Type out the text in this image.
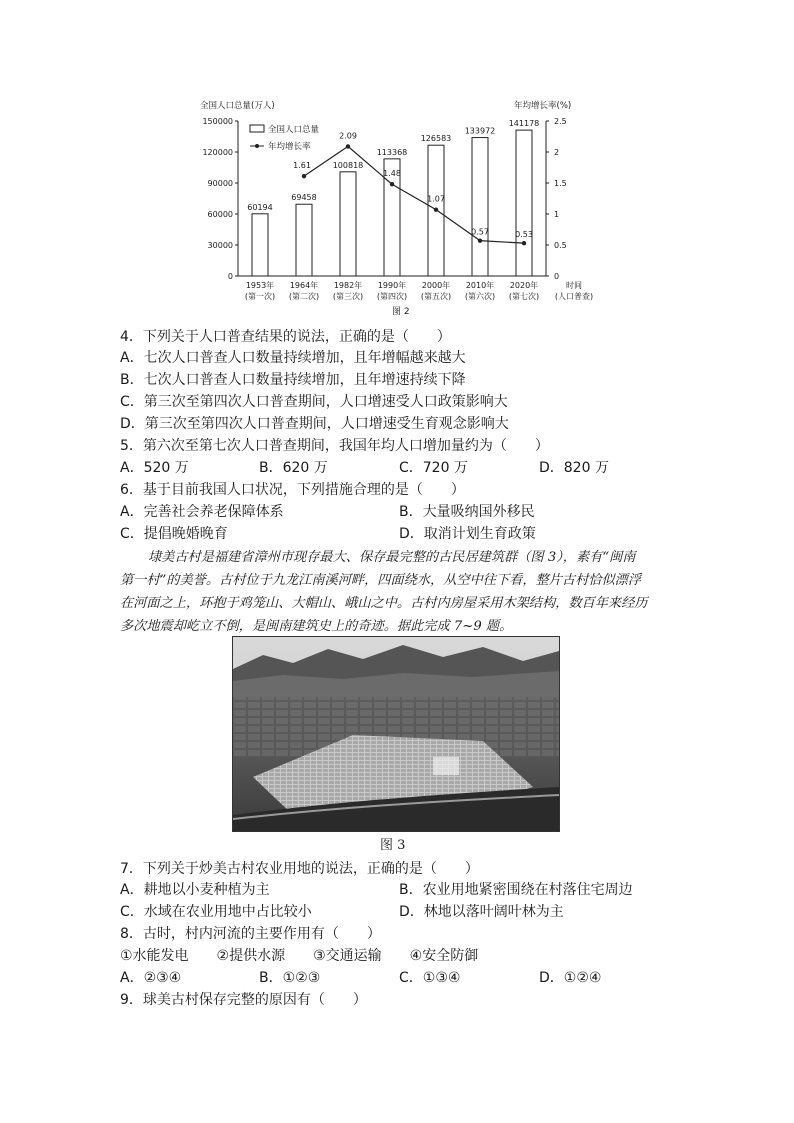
全国人口总量(万人)	年均增长率(%)
0
30000
60000
90000
120000
150000
0
0.5
1
1.5
2
2.5
60194
69458
100818
113368
126583
133972
141178
1.61
2.09
1.48
1.07
0.57	0.53
1953年
(第一次)
1964年
(第二次)
1982年
(第三次)
1990年
(第四次)
2000年
(第五次)
2010年
(第六次)
2020年
(第七次)
时间
(人口普查)
全国人口总量
年均增长率
图 2
4．下列关于人口普查结果的说法，正确的是（　　）
A．七次人口普查人口数量持续增加，且年增幅越来越大
B．七次人口普查人口数量持续增加，且年增速持续下降
C．第三次至第四次人口普查期间，人口增速受人口政策影响大
D．第三次至第四次人口普查期间，人口增速受生育观念影响大
5．第六次至第七次人口普查期间，我国年均人口增加量约为（　　）
A．520 万	B．620 万	C．720 万	D．820 万
6．基于目前我国人口状况，下列措施合理的是（　　）
A．完善社会养老保障体系	B．大量吸纳国外移民
C．提倡晚婚晚育	D．取消计划生育政策
埭美古村是福建省漳州市现存最大、保存最完整的古民居建筑群（图 3），素有“闽南
第一村”的美誉。古村位于九龙江南溪河畔，四面绕水，从空中往下看，整片古村恰似漂浮
在河面之上，环抱于鸡笼山、大帽山、峨山之中。古村内房屋采用木架结构，数百年来经历
多次地震却屹立不倒，是闽南建筑史上的奇迹。据此完成 7~9 题。
图 3
7．下列关于炒美古村农业用地的说法，正确的是（　　）
A．耕地以小麦种植为主	B．农业用地紧密围绕在村落住宅周边
C．水域在农业用地中占比较小	D．林地以落叶阔叶林为主
8．古时，村内河流的主要作用有（　　）
①水能发电　　②提供水源　　③交通运输　　④安全防御
A．②③④	B．①②③	C．①③④	D．①②④
9．球美古村保存完整的原因有（　　）
